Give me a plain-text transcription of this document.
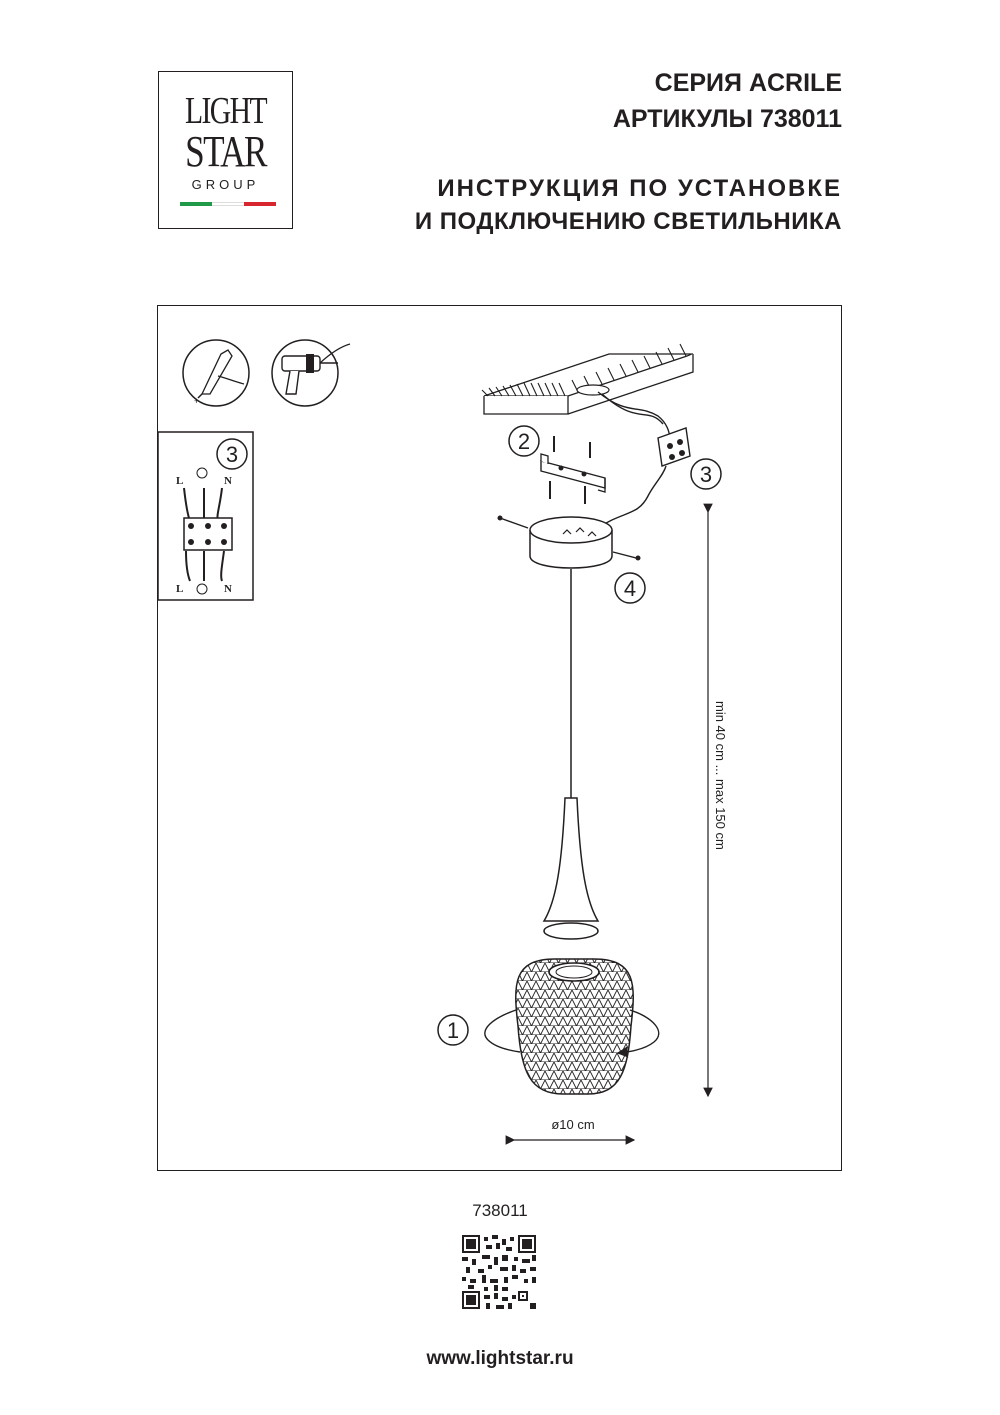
LIGHT
STAR
GROUP
СЕРИЯ ACRILE
АРТИКУЛЫ 738011
ИНСТРУКЦИЯ ПО УСТАНОВКЕ
И ПОДКЛЮЧЕНИЮ СВЕТИЛЬНИКА
+
3
L	N
L	N
1
2
3
4
min 40 cm ... max 150 cm
ø10 cm
738011
www.lightstar.ru
